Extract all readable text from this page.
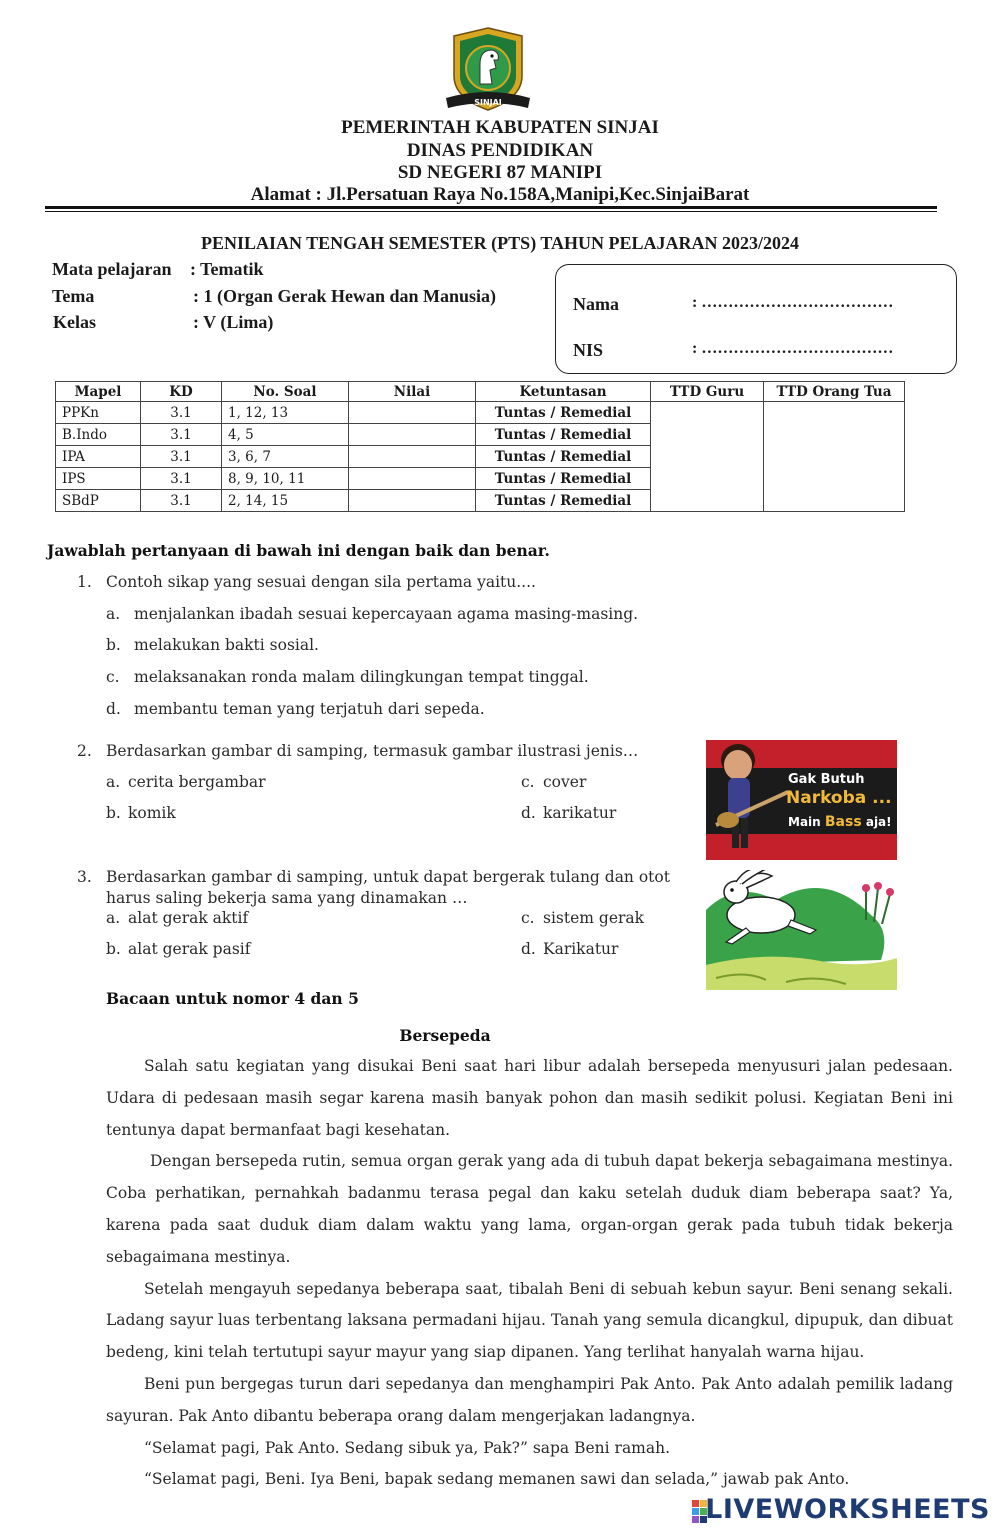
SINJAI
PEMERINTAH KABUPATEN SINJAI
DINAS PENDIDIKAN
SD NEGERI 87 MANIPI
Alamat : Jl.Persatuan Raya No.158A,Manipi,Kec.SinjaiBarat
PENILAIAN TENGAH SEMESTER (PTS) TAHUN PELAJARAN 2023/2024
Mata pelajaran : Tematik
Tema	: 1 (Organ Gerak Hewan dan Manusia)
Kelas	: V (Lima)
Nama	: ………………………………
NIS	: ………………………………
Mapel	KD	No. Soal	Nilai	Ketuntasan	TTD Guru	TTD Orang Tua
PPKn	3.1	1, 12, 13		Tuntas / Remedial		
B.Indo	3.1	4, 5		Tuntas / Remedial		
IPA	3.1	3, 6, 7		Tuntas / Remedial		
IPS	3.1	8, 9, 10, 11		Tuntas / Remedial		
SBdP	3.1	2, 14, 15		Tuntas / Remedial		
Jawablah pertanyaan di bawah ini dengan baik dan benar.
1. Contoh sikap yang sesuai dengan sila pertama yaitu....
a. menjalankan ibadah sesuai kepercayaan agama masing-masing.
b. melakukan bakti sosial.
c. melaksanakan ronda malam dilingkungan tempat tinggal.
d. membantu teman yang terjatuh dari sepeda.
2. Berdasarkan gambar di samping, termasuk gambar ilustrasi jenis…
a. cerita bergambar
b. komik
c. cover
d. karikatur
Gak Butuh
Narkoba ...
Main Bass aja!
3. Berdasarkan gambar di samping, untuk dapat bergerak tulang dan otot
harus saling bekerja sama yang dinamakan …
a. alat gerak aktif
b. alat gerak pasif
c. sistem gerak
d. Karikatur
Bacaan untuk nomor 4 dan 5
Bersepeda

Salah satu kegiatan yang disukai Beni saat hari libur adalah bersepeda menyusuri jalan pedesaan. Udara di pedesaan masih segar karena masih banyak pohon dan masih sedikit polusi. Kegiatan Beni ini tentunya dapat bermanfaat bagi kesehatan.

Dengan bersepeda rutin, semua organ gerak yang ada di tubuh dapat bekerja sebagaimana mestinya. Coba perhatikan, pernahkah badanmu terasa pegal dan kaku setelah duduk diam beberapa saat? Ya, karena pada saat duduk diam dalam waktu yang lama, organ-organ gerak pada tubuh tidak bekerja sebagaimana mestinya.

Setelah mengayuh sepedanya beberapa saat, tibalah Beni di sebuah kebun sayur. Beni senang sekali. Ladang sayur luas terbentang laksana permadani hijau. Tanah yang semula dicangkul, dipupuk, dan dibuat bedeng, kini telah tertutupi sayur mayur yang siap dipanen. Yang terlihat hanyalah warna hijau.

Beni pun bergegas turun dari sepedanya dan menghampiri Pak Anto. Pak Anto adalah pemilik ladang sayuran. Pak Anto dibantu beberapa orang dalam mengerjakan ladangnya.

“Selamat pagi, Pak Anto. Sedang sibuk ya, Pak?” sapa Beni ramah.

“Selamat pagi, Beni. Iya Beni, bapak sedang memanen sawi dan selada,” jawab pak Anto.

LIVEWORKSHEETS
